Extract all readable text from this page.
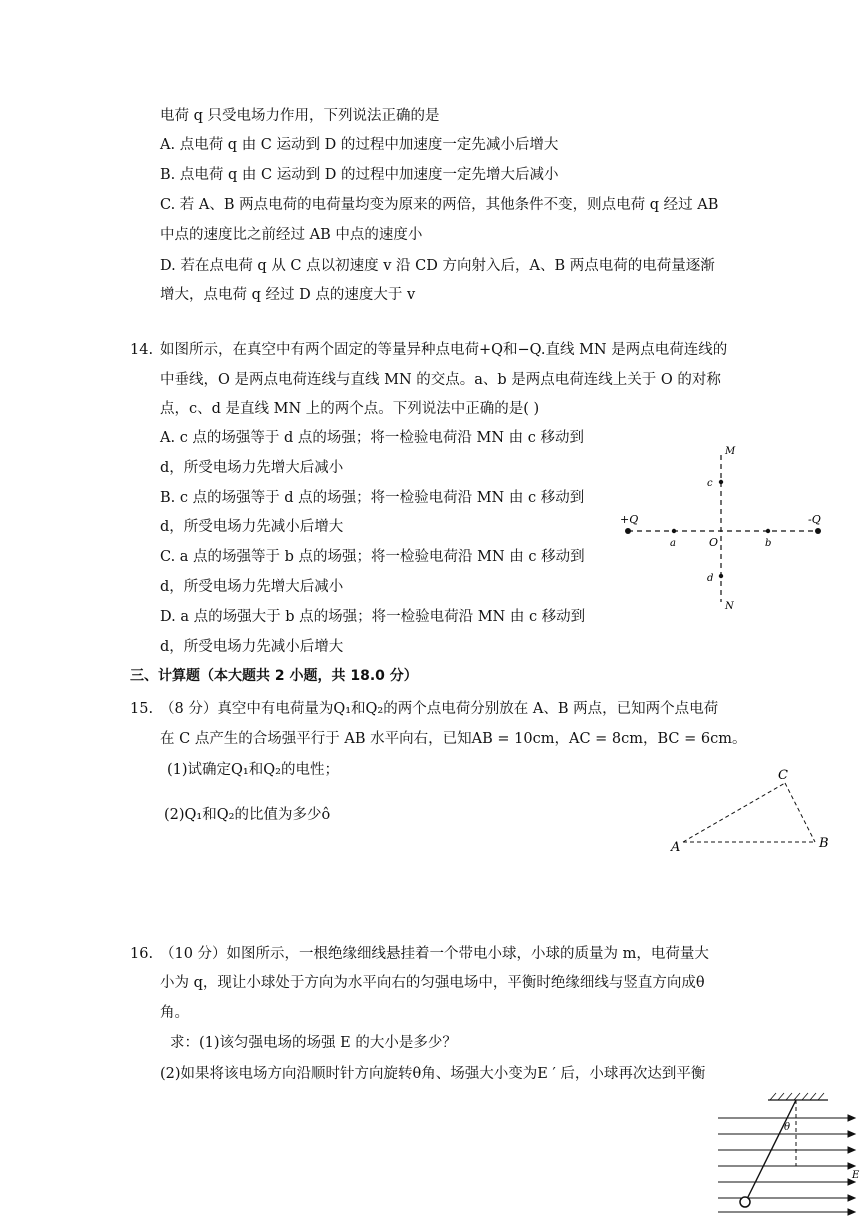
电荷 q 只受电场力作用，下列说法正确的是
A. 点电荷 q 由 C 运动到 D 的过程中加速度一定先减小后增大
B. 点电荷 q 由 C 运动到 D 的过程中加速度一定先增大后减小
C. 若 A、B 两点电荷的电荷量均变为原来的两倍，其他条件不变，则点电荷 q 经过 AB
中点的速度比之前经过 AB 中点的速度小
D. 若在点电荷 q 从 C 点以初速度 v 沿 CD 方向射入后，A、B 两点电荷的电荷量逐渐
增大，点电荷 q 经过 D 点的速度大于 v
14. 如图所示，在真空中有两个固定的等量异种点电荷+Q和−Q.直线 MN 是两点电荷连线的
中垂线，O 是两点电荷连线与直线 MN 的交点。a、b 是两点电荷连线上关于 O 的对称
点，c、d 是直线 MN 上的两个点。下列说法中正确的是( )
A. c 点的场强等于 d 点的场强；将一检验电荷沿 MN 由 c 移动到
d，所受电场力先增大后减小
B. c 点的场强等于 d 点的场强；将一检验电荷沿 MN 由 c 移动到
d，所受电场力先减小后增大
C. a 点的场强等于 b 点的场强；将一检验电荷沿 MN 由 c 移动到
d，所受电场力先增大后减小
D. a 点的场强大于 b 点的场强；将一检验电荷沿 MN 由 c 移动到
d，所受电场力先减小后增大
M
N
c
d
a	b
O
+Q	-Q
三、计算题（本大题共 2 小题，共 18.0 分）
15. （8 分）真空中有电荷量为Q₁和Q₂的两个点电荷分别放在 A、B 两点，已知两个点电荷
在 C 点产生的合场强平行于 AB 水平向右，已知AB = 10cm，AC = 8cm，BC = 6cm。
(1)试确定Q₁和Q₂的电性；
(2)Q₁和Q₂的比值为多少ô
A	B
C
16. （10 分）如图所示，一根绝缘细线悬挂着一个带电小球，小球的质量为 m，电荷量大
小为 q，现让小球处于方向为水平向右的匀强电场中，平衡时绝缘细线与竖直方向成θ
角。
求：(1)该匀强电场的场强 E 的大小是多少？
(2)如果将该电场方向沿顺时针方向旋转θ角、场强大小变为E ′ 后，小球再次达到平衡
θ
E
